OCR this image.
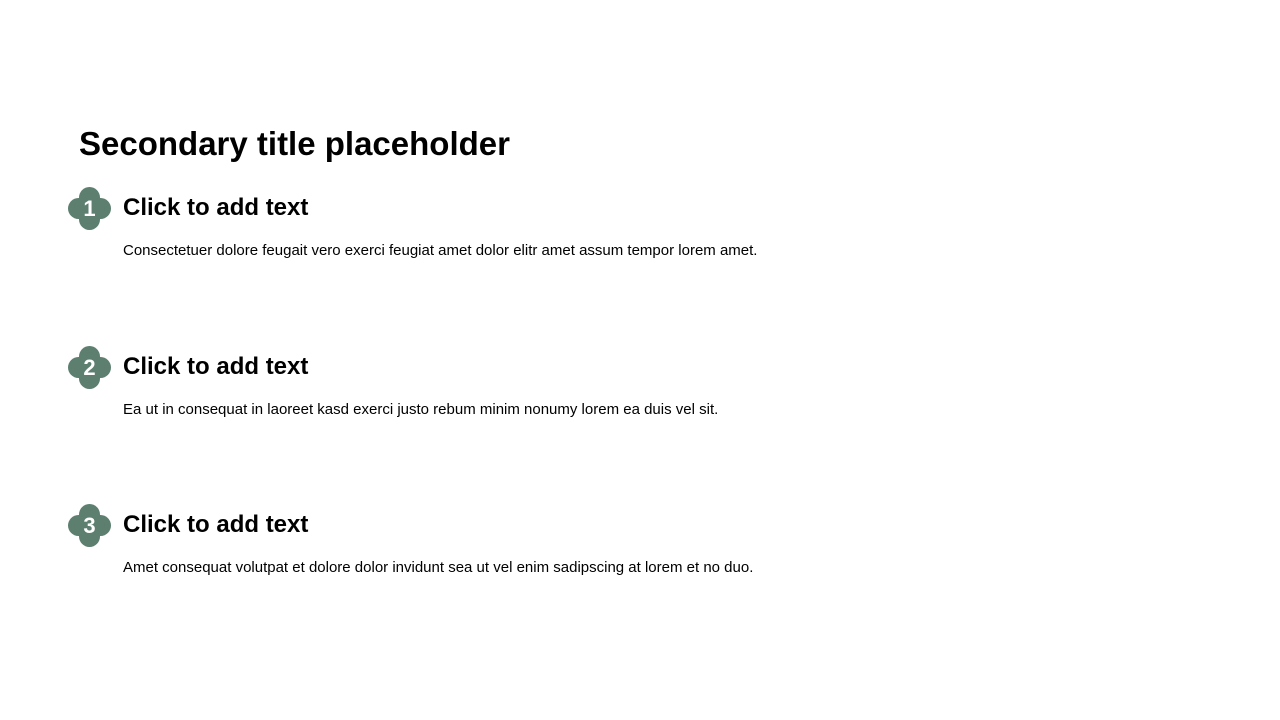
Secondary title placeholder
1	Click to add text
Consectetuer dolore feugait vero exerci feugiat amet dolor elitr amet assum tempor lorem amet.
2	Click to add text
Ea ut in consequat in laoreet kasd exerci justo rebum minim nonumy lorem ea duis vel sit.
3	Click to add text
Amet consequat volutpat et dolore dolor invidunt sea ut vel enim sadipscing at lorem et no duo.
